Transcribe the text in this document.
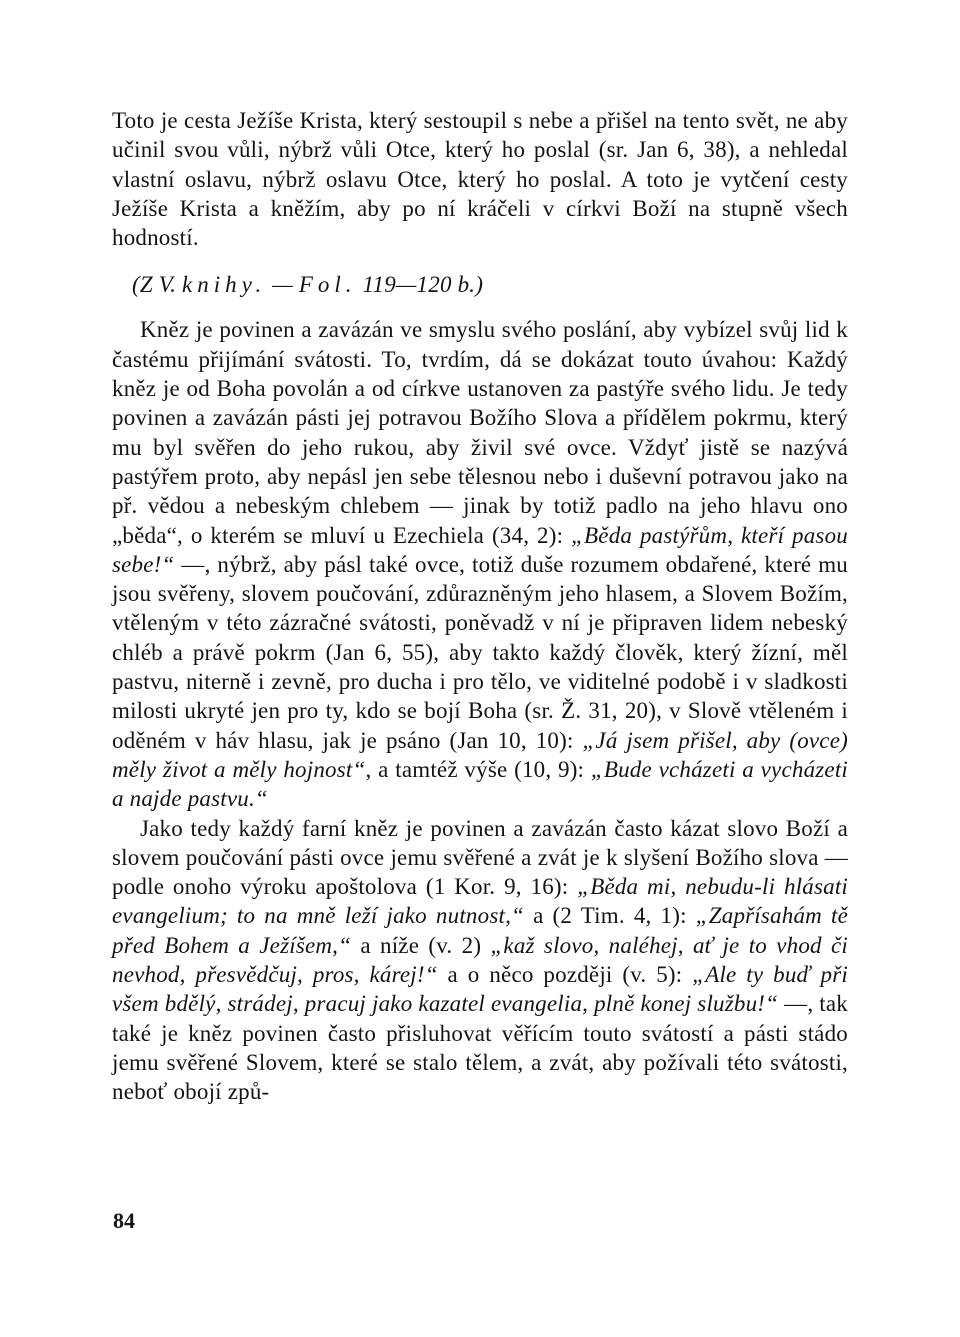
Toto je cesta Ježíše Krista, který sestoupil s nebe a přišel na tento svět, ne aby učinil svou vůli, nýbrž vůli Otce, který ho poslal (sr. Jan 6, 38), a nehledal vlastní oslavu, nýbrž oslavu Otce, který ho poslal. A toto je vytčení cesty Ježíše Krista a kněžím, aby po ní kráčeli v církvi Boží na stupně všech hodností.

(Z V. knihy. — Fol. 119—120 b.)

Kněz je povinen a zavázán ve smyslu svého poslání, aby vybízel svůj lid k častému přijímání svátosti. To, tvrdím, dá se dokázat touto úvahou: Každý kněz je od Boha povolán a od církve ustanoven za pastýře svého lidu. Je tedy povinen a zavázán pásti jej potravou Božího Slova a přídělem pokrmu, který mu byl svěřen do jeho rukou, aby živil své ovce. Vždyť jistě se nazývá pastýřem proto, aby nepásl jen sebe tělesnou nebo i duševní potravou jako na př. vědou a nebeským chlebem — jinak by totiž padlo na jeho hlavu ono „běda“, o kterém se mluví u Ezechiela (34, 2): „Běda pastýřům, kteří pasou sebe!“ —, nýbrž, aby pásl také ovce, totiž duše rozumem obdařené, které mu jsou svěřeny, slovem poučování, zdůrazněným jeho hlasem, a Slovem Božím, vtěleným v této zázračné svátosti, poněvadž v ní je připraven lidem nebeský chléb a právě pokrm (Jan 6, 55), aby takto každý člověk, který žízní, měl pastvu, niterně i zevně, pro ducha i pro tělo, ve viditelné podobě i v sladkosti milosti ukryté jen pro ty, kdo se bojí Boha (sr. Ž. 31, 20), v Slově vtěleném i oděném v háv hlasu, jak je psáno (Jan 10, 10): „Já jsem přišel, aby (ovce) měly život a měly hojnost“, a tamtéž výše (10, 9): „Bude vcházeti a vycházeti a najde pastvu.“

Jako tedy každý farní kněz je povinen a zavázán často kázat slovo Boží a slovem poučování pásti ovce jemu svěřené a zvát je k slyšení Božího slova — podle onoho výroku apoštolova (1 Kor. 9, 16): „Běda mi, nebudu-li hlásati evangelium; to na mně leží jako nutnost,“ a (2 Tim. 4, 1): „Zapřísahám tě před Bohem a Ježíšem,“ a níže (v. 2) „kaž slovo, naléhej, ať je to vhod či nevhod, přesvědčuj, pros, kárej!“ a o něco později (v. 5): „Ale ty buď při všem bdělý, strádej, pracuj jako kazatel evangelia, plně konej službu!“ —, tak také je kněz povinen často přisluhovat věřícím touto svátostí a pásti stádo jemu svěřené Slovem, které se stalo tělem, a zvát, aby požívali této svátosti, neboť obojí způ-

84
